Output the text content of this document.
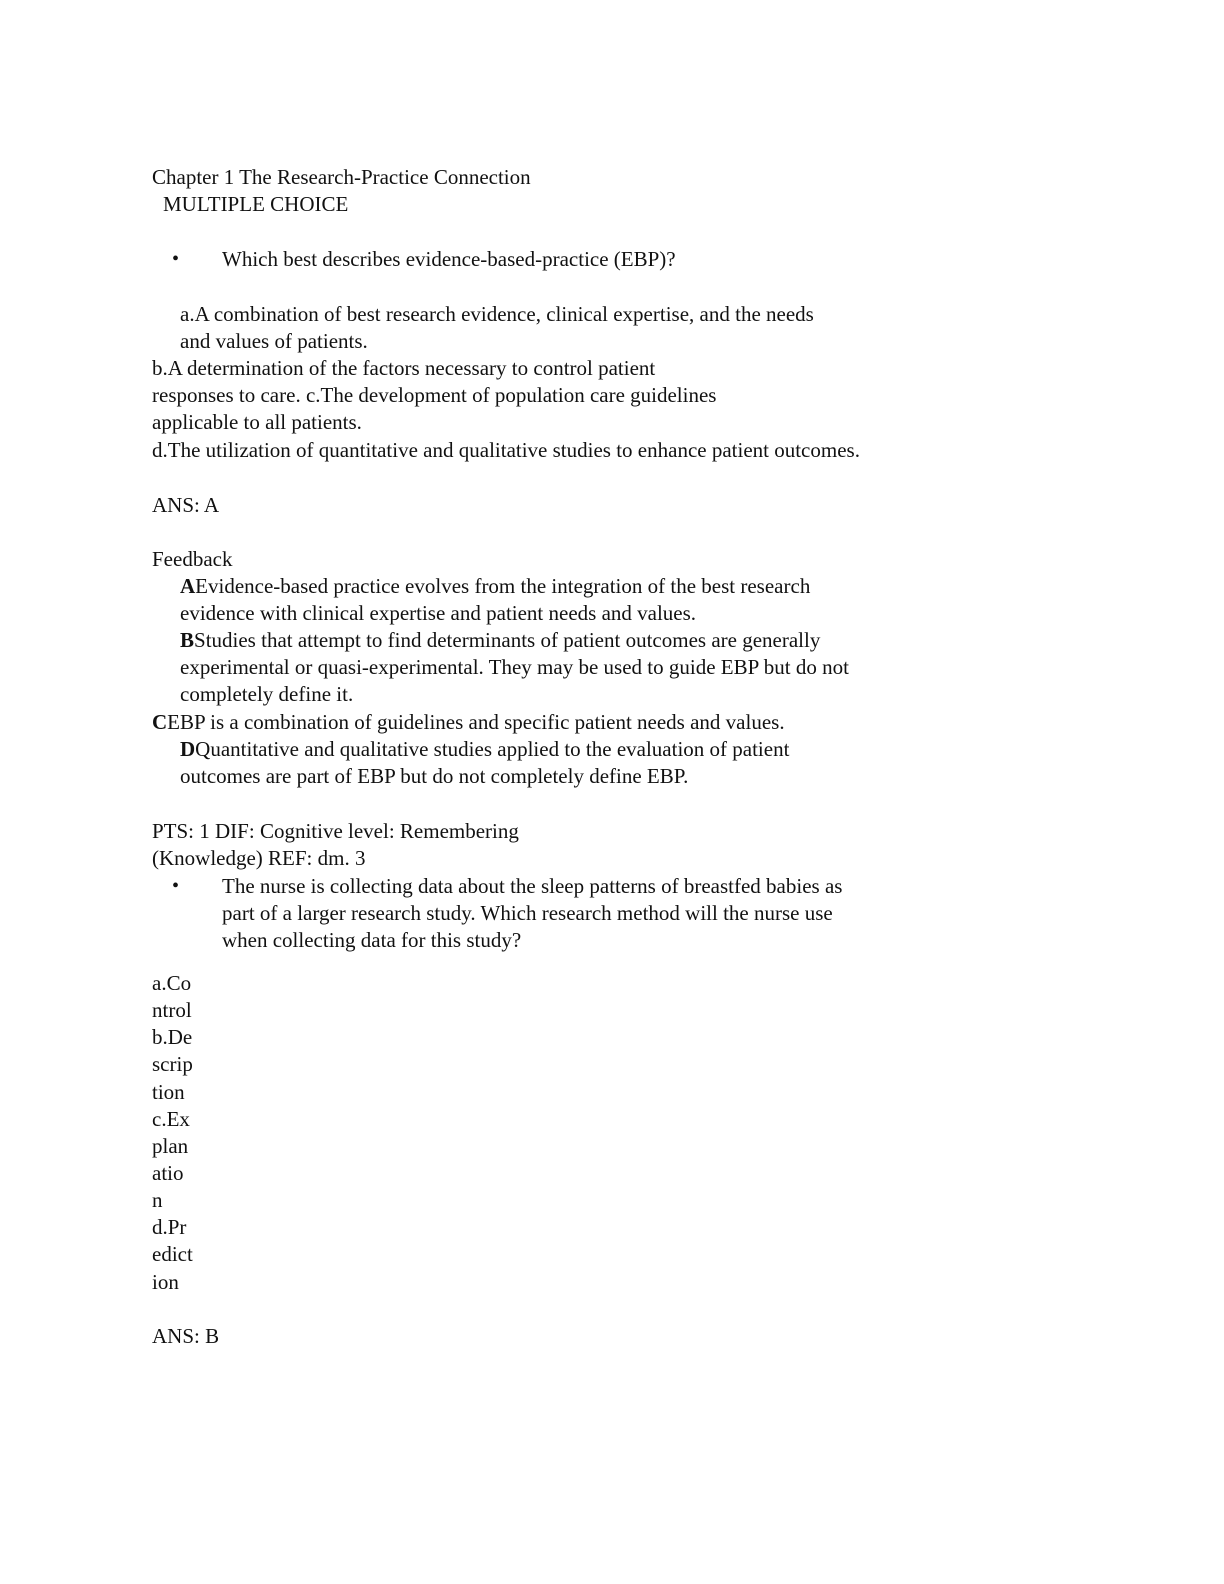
Chapter 1 The Research-Practice Connection
MULTIPLE CHOICE
• Which best describes evidence-based-practice (EBP)?
a.A combination of best research evidence, clinical expertise, and the needs
and values of patients.
b.A determination of the factors necessary to control patient
responses to care. c.The development of population care guidelines
applicable to all patients.
d.The utilization of quantitative and qualitative studies to enhance patient outcomes.
ANS: A
Feedback
AEvidence-based practice evolves from the integration of the best research
evidence with clinical expertise and patient needs and values.
BStudies that attempt to find determinants of patient outcomes are generally
experimental or quasi-experimental. They may be used to guide EBP but do not
completely define it.
CEBP is a combination of guidelines and specific patient needs and values.
DQuantitative and qualitative studies applied to the evaluation of patient
outcomes are part of EBP but do not completely define EBP.
PTS: 1 DIF: Cognitive level: Remembering
(Knowledge) REF: dm. 3
• The nurse is collecting data about the sleep patterns of breastfed babies as
part of a larger research study. Which research method will the nurse use
when collecting data for this study?
a.Co
ntrol
b.De
scrip
tion
c.Ex
plan
atio
n
d.Pr
edict
ion
ANS: B
